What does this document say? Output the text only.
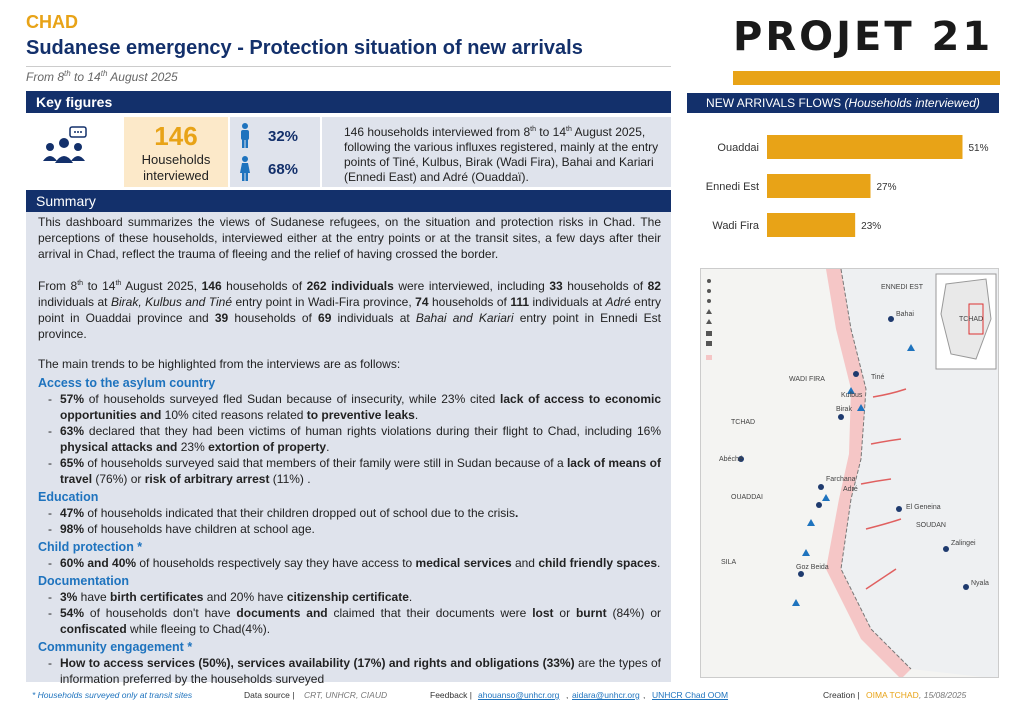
CHAD
Sudanese emergency - Protection situation of new arrivals
From 8th to 14th August 2025
PROJET 21
Key figures
146
Households
interviewed
32%
68%
146 households interviewed from 8th to 14th August 2025, following the various influxes registered, mainly at the entry points of Tiné, Kulbus, Birak (Wadi Fira), Bahai and Kariari (Ennedi East) and Adré (Ouaddaï).
Summary

This dashboard summarizes the views of Sudanese refugees, on the situation and protection risks in Chad. The perceptions of these households, interviewed either at the entry points or at the transit sites, a few days after their arrival in Chad, reflect the trauma of fleeing and the relief of having crossed the border.

From 8th to 14th August 2025, 146 households of 262 individuals were interviewed, including 33 households of 82 individuals at Birak, Kulbus and Tiné entry point in Wadi-Fira province, 74 households of 111 individuals at Adré entry point in Ouaddai province and 39 households of 69 individuals at Bahai and Kariari entry point in Ennedi Est province.

The main trends to be highlighted from the interviews are as follows:

Access to the asylum country
- 57% of households surveyed fled Sudan because of insecurity, while 23% cited lack of access to economic opportunities and 10% cited reasons related to preventive leaks.
- 63% declared that they had been victims of human rights violations during their flight to Chad, including 16% physical attacks and 23% extortion of property.
- 65% of households surveyed said that members of their family were still in Sudan because of a lack of means of travel (76%) or risk of arbitrary arrest (11%) .
Education
- 47% of households indicated that their children dropped out of school due to the crisis.
- 98% of households have children at school age.
Child protection *
- 60% and 40% of households respectively say they have access to medical services and child friendly spaces.
Documentation
- 3% have birth certificates and 20% have citizenship certificate.
- 54% of households don't have documents and claimed that their documents were lost or burnt (84%) or confiscated while fleeing to Chad(4%).
Community engagement *
- How to access services (50%), services availability (17%) and rights and obligations (33%) are the types of information preferred by the households surveyed
NEW ARRIVALS FLOWS (Households interviewed)
Ouaddai	51%
Ennedi Est	27%
Wadi Fira	23%
TCHAD
SOUDAN
WADI FIRA
OUADDAI
SILA
ENNEDI EST
Adré
Farchana
Abéché
Goz Beida
El Geneina
Zalingei
Nyala
Tiné
Bahai
Birak
Kulbus
TCHAD
* Households surveyed only at transit sites	Data source | CRT, UNHCR, CIAUD	Feedback | ahouanso@unhcr.org , aidara@unhcr.org , UNHCR Chad OOM	Creation | OIMA TCHAD , 15/08/2025
